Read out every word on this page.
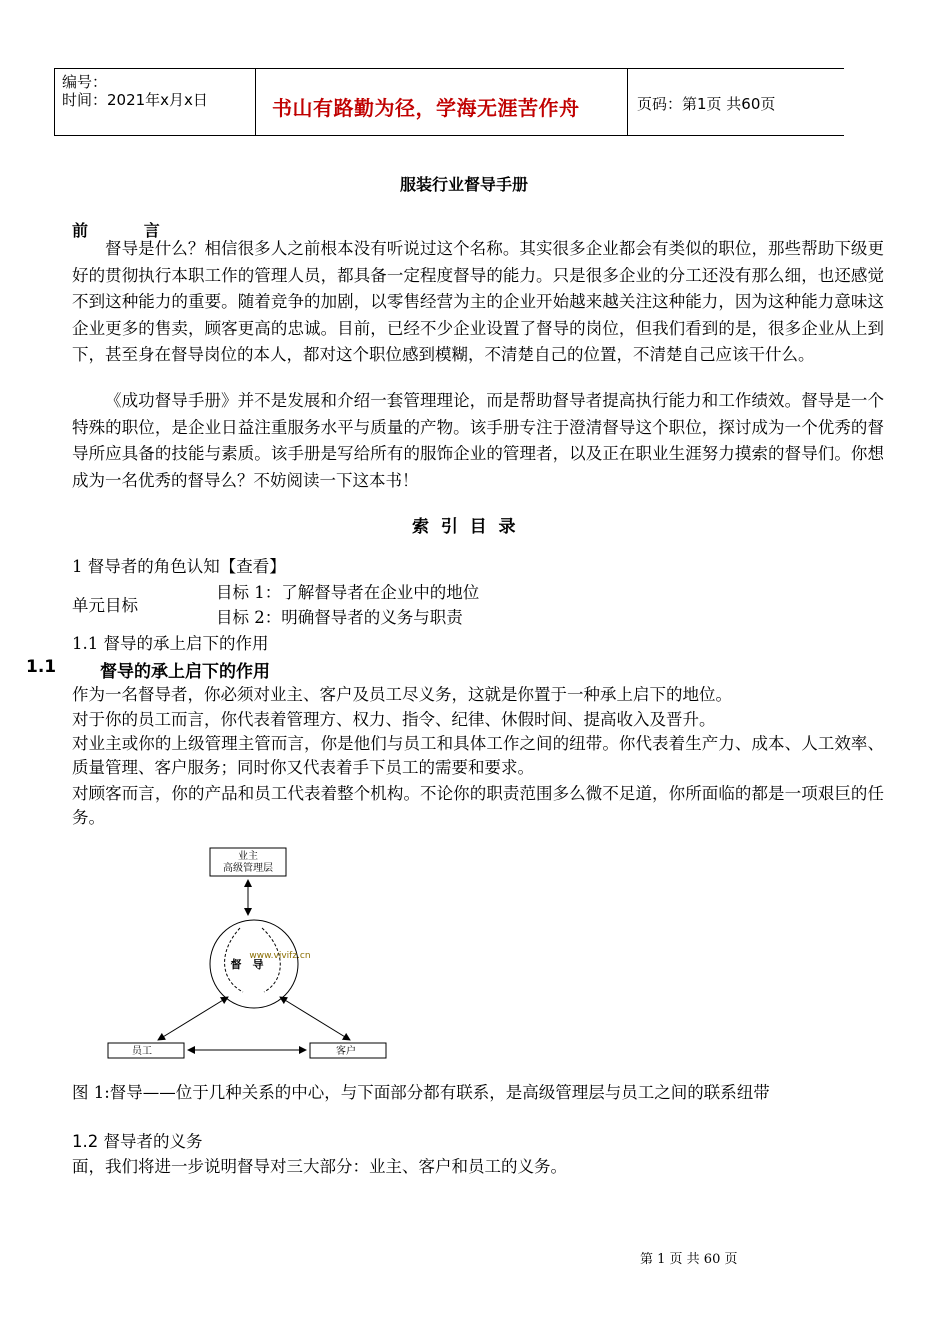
编号：
时间：2021年x月x日	书山有路勤为径，学海无涯苦作舟	页码：第1页 共60页
服装行业督导手册
前          言
督导是什么？相信很多人之前根本没有听说过这个名称。其实很多企业都会有类似的职位，那些帮助下级更好的贯彻执行本职工作的管理人员，都具备一定程度督导的能力。只是很多企业的分工还没有那么细，也还感觉不到这种能力的重要。随着竞争的加剧，以零售经营为主的企业开始越来越关注这种能力，因为这种能力意味这企业更多的售卖，顾客更高的忠诚。目前，已经不少企业设置了督导的岗位，但我们看到的是，很多企业从上到下，甚至身在督导岗位的本人，都对这个职位感到模糊，不清楚自己的位置，不清楚自己应该干什么。
《成功督导手册》并不是发展和介绍一套管理理论，而是帮助督导者提高执行能力和工作绩效。督导是一个特殊的职位，是企业日益注重服务水平与质量的产物。该手册专注于澄清督导这个职位，探讨成为一个优秀的督导所应具备的技能与素质。该手册是写给所有的服饰企业的管理者，以及正在职业生涯努力摸索的督导们。你想成为一名优秀的督导么？不妨阅读一下这本书！
索  引  目  录
1 督导者的角色认知【查看】
单元目标
目标 1：了解督导者在企业中的地位
目标 2：明确督导者的义务与职责
1.1 督导的承上启下的作用
1.1	督导的承上启下的作用
作为一名督导者，你必须对业主、客户及员工尽义务，这就是你置于一种承上启下的地位。
对于你的员工而言，你代表着管理方、权力、指令、纪律、休假时间、提高收入及晋升。
对业主或你的上级管理主管而言，你是他们与员工和具体工作之间的纽带。你代表着生产力、成本、人工效率、质量管理、客户服务；同时你又代表着手下员工的需要和要求。
对顾客而言，你的产品和员工代表着整个机构。不论你的职责范围多么微不足道，你所面临的都是一项艰巨的任务。
业主
高级管理层
督 导
www.vivifz.cn
员工	客户
图 1:督导——位于几种关系的中心，与下面部分都有联系，是高级管理层与员工之间的联系纽带
1.2 督导者的义务
面，我们将进一步说明督导对三大部分：业主、客户和员工的义务。
第 1 页 共 60 页
